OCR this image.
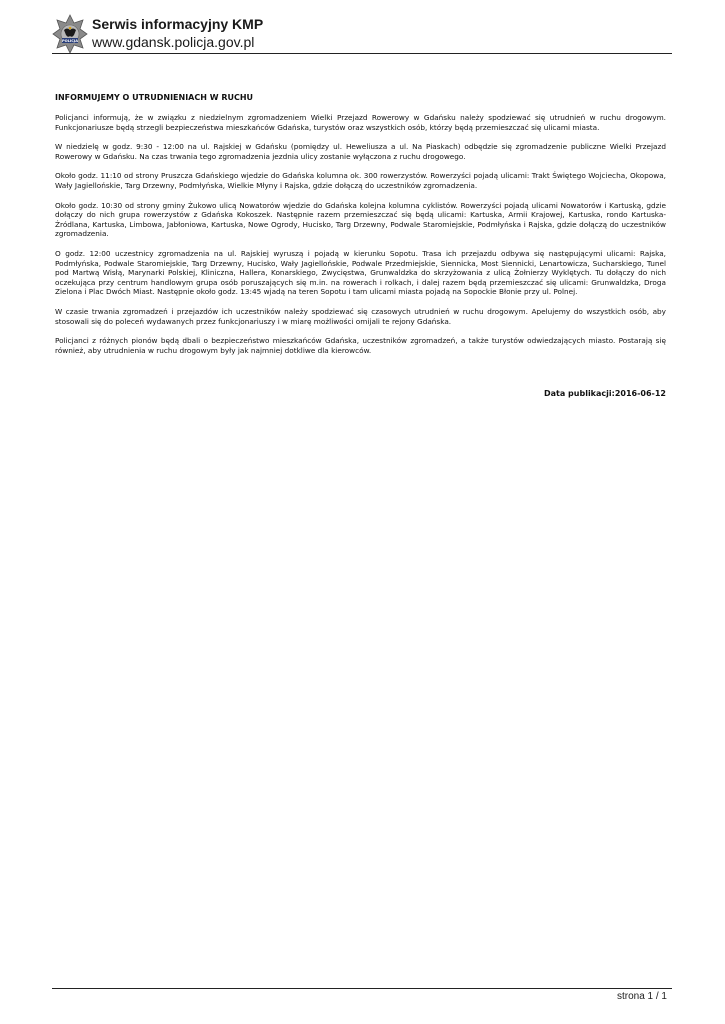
POLICJA
Serwis informacyjny KMP
www.gdansk.policja.gov.pl
INFORMUJEMY O UTRUDNIENIACH W RUCHU

Policjanci informują, że w związku z niedzielnym zgromadzeniem Wielki Przejazd Rowerowy w Gdańsku należy spodziewać się utrudnień w ruchu drogowym. Funkcjonariusze będą strzegli bezpieczeństwa mieszkańców Gdańska, turystów oraz wszystkich osób, którzy będą przemieszczać się ulicami miasta.

W niedzielę w godz. 9:30 - 12:00 na ul. Rajskiej w Gdańsku (pomiędzy ul. Heweliusza a ul. Na Piaskach) odbędzie się zgromadzenie publiczne Wielki Przejazd Rowerowy w Gdańsku. Na czas trwania tego zgromadzenia jezdnia ulicy zostanie wyłączona z ruchu drogowego.

Około godz. 11:10 od strony Pruszcza Gdańskiego wjedzie do Gdańska kolumna ok. 300 rowerzystów. Rowerzyści pojadą ulicami: Trakt Świętego Wojciecha, Okopowa, Wały Jagiellońskie, Targ Drzewny, Podmłyńska, Wielkie Młyny i Rajska, gdzie dołączą do uczestników zgromadzenia.

Około godz. 10:30 od strony gminy Żukowo ulicą Nowatorów wjedzie do Gdańska kolejna kolumna cyklistów. Rowerzyści pojadą ulicami Nowatorów i Kartuską, gdzie dołączy do nich grupa rowerzystów z Gdańska Kokoszek. Następnie razem przemieszczać się będą ulicami: Kartuska, Armii Krajowej, Kartuska, rondo Kartuska-Źródlana, Kartuska, Limbowa, Jabłoniowa, Kartuska, Nowe Ogrody, Hucisko, Targ Drzewny, Podwale Staromiejskie, Podmłyńska i Rajska, gdzie dołączą do uczestników zgromadzenia.

O godz. 12:00 uczestnicy zgromadzenia na ul. Rajskiej wyruszą i pojadą w kierunku Sopotu. Trasa ich przejazdu odbywa się następującymi ulicami: Rajska, Podmłyńska, Podwale Staromiejskie, Targ Drzewny, Hucisko, Wały Jagiellońskie, Podwale Przedmiejskie, Siennicka, Most Siennicki, Lenartowicza, Sucharskiego, Tunel pod Martwą Wisłą, Marynarki Polskiej, Kliniczna, Hallera, Konarskiego, Zwycięstwa, Grunwaldzka do skrzyżowania z ulicą Żołnierzy Wyklętych. Tu dołączy do nich oczekująca przy centrum handlowym grupa osób poruszających się m.in. na rowerach i rolkach, i dalej razem będą przemieszczać się ulicami: Grunwaldzka, Droga Zielona i Plac Dwóch Miast. Następnie około godz. 13:45 wjadą na teren Sopotu i tam ulicami miasta pojadą na Sopockie Błonie przy ul. Polnej.

W czasie trwania zgromadzeń i przejazdów ich uczestników należy spodziewać się czasowych utrudnień w ruchu drogowym. Apelujemy do wszystkich osób, aby stosowali się do poleceń wydawanych przez funkcjonariuszy i w miarę możliwości omijali te rejony Gdańska.

Policjanci z różnych pionów będą dbali o bezpieczeństwo mieszkańców Gdańska, uczestników zgromadzeń, a także turystów odwiedzających miasto. Postarają się również, aby utrudnienia w ruchu drogowym były jak najmniej dotkliwe dla kierowców.

Data publikacji:2016-06-12
strona 1 / 1
